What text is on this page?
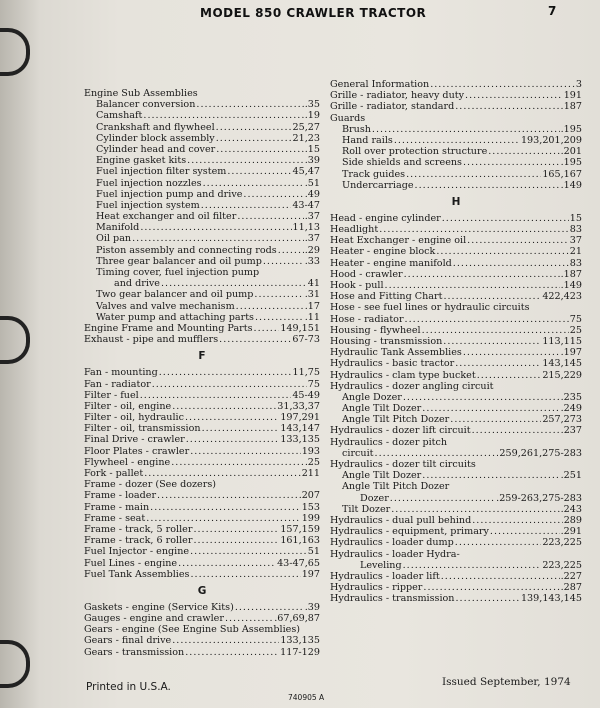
MODEL 850 CRAWLER TRACTOR	7
Engine Sub Assemblies
Balancer conversion .....	.35
Camshaft .....	.19
Crankshaft and flywheel .....	25,27
Cylinder block assembly .....	21,23
Cylinder head and cover .....	.15
Engine gasket kits .....	.39
Fuel injection filter system .....	45,47
Fuel injection nozzles .....	.51
Fuel injection pump and drive .....	.49
Fuel injection system .....	43-47
Heat exchanger and oil filter .....	.37
Manifold .....	11,13
Oil pan .....	.37
Piston assembly and connecting rods .....	.29
Three gear balancer and oil pump .....	.33
Timing cover, fuel injection pump
and drive .....	41
Two gear balancer and oil pump .....	.31
Valves and valve mechanism .....	.17
Water pump and attaching parts .....	.11
Engine Frame and Mounting Parts .....	149,151
Exhaust - pipe and mufflers .....	67-73
F
Fan - mounting .....	11,75
Fan - radiator .....	75
Filter - fuel .....	45-49
Filter - oil, engine .....	31,33,37
Filter - oil, hydraulic .....	197,291
Filter - oil, transmission .....	143,147
Final Drive - crawler .....	133,135
Floor Plates - crawler .....	193
Flywheel - engine .....	25
Fork - pallet .....	211
Frame - dozer (See dozers)
Frame - loader .....	207
Frame - main .....	153
Frame - seat .....	199
Frame - track, 5 roller .....	157,159
Frame - track, 6 roller .....	161,163
Fuel Injector - engine .....	51
Fuel Lines - engine .....	43-47,65
Fuel Tank Assemblies .....	197
G
Gaskets - engine (Service Kits) .....	.39
Gauges - engine and crawler .....	.67,69,87
Gears - engine (See Engine Sub Assemblies)
Gears - final drive .....	133,135
Gears - transmission .....	117-129
General Information .....	3
Grille - radiator, heavy duty .....	191
Grille - radiator, standard .....	187
Guards
Brush .....	.195
Hand rails .....	193,201,209
Roll over protection structure .....	.201
Side shields and screens .....	.195
Track guides .....	165,167
Undercarriage .....	.149
H
Head - engine cylinder .....	15
Headlight .....	83
Heat Exchanger - engine oil .....	37
Heater - engine block .....	21
Heater - engine manifold .....	83
Hood - crawler .....	.187
Hook - pull .....	.149
Hose and Fitting Chart .....	422,423
Hose - see fuel lines or hydraulic circuits
Hose - radiator .....	75
Housing - flywheel .....	25
Housing - transmission .....	113,115
Hydraulic Tank Assemblies .....	.197
Hydraulics - basic tractor .....	143,145
Hydraulics - clam type bucket .....	215,229
Hydraulics - dozer angling circuit
Angle Dozer .....	.235
Angle Tilt Dozer .....	.249
Angle Tilt Pitch Dozer .....	257,273
Hydraulics - dozer lift circuit .....	237
Hydraulics - dozer pitch
circuit .....	259,261,275-283
Hydraulics - dozer tilt circuits
Angle Tilt Dozer .....	.251
Angle Tilt Pitch Dozer
Dozer .....	.259-263,275-283
Tilt Dozer .....	.243
Hydraulics - dual pull behind .....	289
Hydraulics - equipment, primary .....	.291
Hydraulics - loader dump .....	223,225
Hydraulics - loader Hydra-
Leveling .....	223,225
Hydraulics - loader lift .....	.227
Hydraulics - ripper .....	.287
Hydraulics - transmission .....	139,143,145
Printed in U.S.A.
740905 A
Issued September, 1974
